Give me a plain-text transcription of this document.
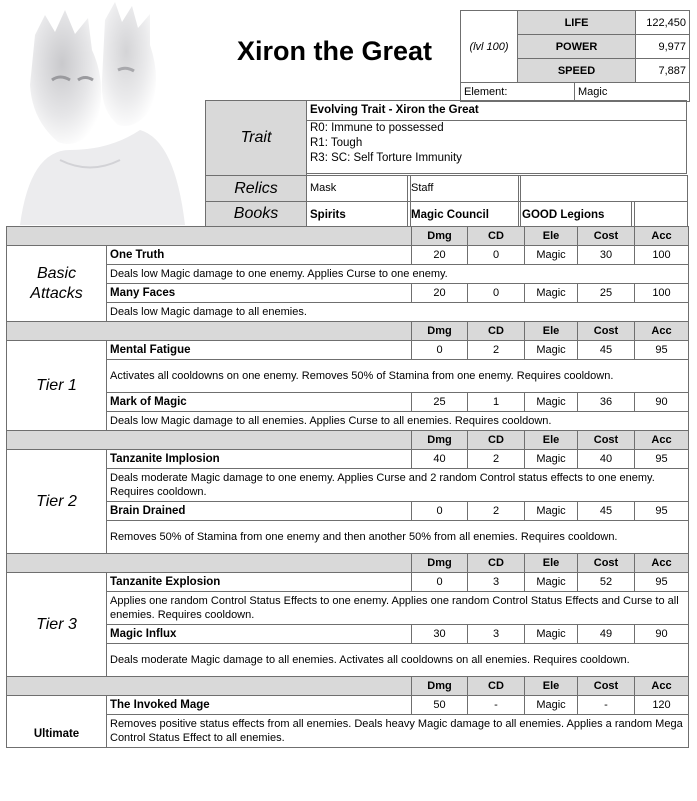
Xiron the Great	(lvl 100)	LIFE	122,450
	POWER	9,977
	SPEED	7,887
Element:	Magic
Trait
Evolving Trait - Xiron the Great
R0: Immune to possessed
R1: Tough
R3: SC: Self Torture Immunity
Relics	Mask	Staff
Books	Spirits	Magic Council	GOOD Legions
		Dmg	CD	Ele	Cost	Acc
Basic Attacks	One Truth	20	0	Magic	30	100
	Deals low Magic damage to one enemy. Applies Curse to one enemy.					
	Many Faces	20	0	Magic	25	100
	Deals low Magic damage to all enemies.					
		Dmg	CD	Ele	Cost	Acc
Tier 1	Mental Fatigue	0	2	Magic	45	95
	Activates all cooldowns on one enemy. Removes 50% of Stamina from one enemy. Requires cooldown.					
	Mark of Magic	25	1	Magic	36	90
	Deals low Magic damage to all enemies. Applies Curse to all enemies. Requires cooldown.					
		Dmg	CD	Ele	Cost	Acc
Tier 2	Tanzanite Implosion	40	2	Magic	40	95
	Deals moderate Magic damage to one enemy. Applies Curse and 2 random Control status effects to one enemy. Requires cooldown.					
	Brain Drained	0	2	Magic	45	95
	Removes 50% of Stamina from one enemy and then another 50% from all enemies. Requires cooldown.					
		Dmg	CD	Ele	Cost	Acc
Tier 3	Tanzanite Explosion	0	3	Magic	52	95
	Applies one random Control Status Effects to one enemy. Applies one random Control Status Effects and Curse to all enemies. Requires cooldown.					
	Magic Influx	30	3	Magic	49	90
	Deals moderate Magic damage to all enemies. Activates all cooldowns on all enemies. Requires cooldown.					
		Dmg	CD	Ele	Cost	Acc
Ultimate	The Invoked Mage	50	-	Magic	-	120
	Removes positive status effects from all enemies. Deals heavy Magic damage to all enemies. Applies a random Mega Control Status Effect to all enemies.					
